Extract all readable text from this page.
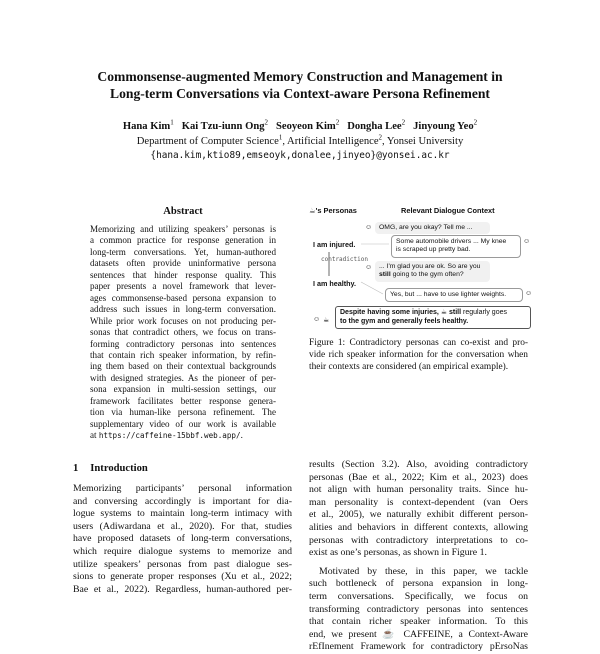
Commonsense-augmented Memory Construction and Management in
Long-term Conversations via Context-aware Persona Refinement
Hana Kim$^1$ Kai Tzu-iunn Ong$^2$ Seoyeon Kim$^2$ Dongha Lee$^2$ Jinyoung Yeo$^2$
Department of Computer Science$^1$, Artificial Intelligence$^2$, Yonsei University
{hana.kim,ktio89,emseoyk,donalee,jinyeo}@yonsei.ac.kr
Abstract
Memorizing and utilizing speakers’ personas is
a common practice for response generation in
long-term conversations. Yet, human-authored
datasets often provide uninformative persona
sentences that hinder response quality. This
paper presents a novel framework that lever-
ages commonsense-based persona expansion to
address such issues in long-term conversation.
While prior work focuses on not producing per-
sonas that contradict others, we focus on trans-
forming contradictory personas into sentences
that contain rich speaker information, by refin-
ing them based on their contextual backgrounds
with designed strategies. As the pioneer of per-
sona expansion in multi-session settings, our
framework facilitates better response genera-
tion via human-like persona refinement. The
supplementary video of our work is available
at https://caffeine-15bbf.web.app/.
1 Introduction
Memorizing participants’ personal information
and conversing accordingly is important for dia-
logue systems to maintain long-term intimacy with
users (Adiwardana et al., 2020). For that, studies
have proposed datasets of long-term conversations,
which require dialogue systems to memorize and
utilize speakers’ personas from past dialogue ses-
sions to generate proper responses (Xu et al., 2022;
Bae et al., 2022). Regardless, human-authored per-
results (Section 3.2). Also, avoiding contradictory
personas (Bae et al., 2022; Kim et al., 2023) does
not align with human personality traits. Since hu-
man personality is context-dependent (van Oers
et al., 2005), we naturally exhibit different person-
alities and behaviors in different contexts, allowing
personas with contradictory interpretations to co-
exist as one’s personas, as shown in Figure 1.
Motivated by these, in this paper, we tackle
such bottleneck of persona expansion in long-
term conversations. Specifically, we focus on
transforming contradictory personas into sentences
that contain richer speaker information. To this
end, we present ☕ CAFFEINE, a Context-Aware
rEfInement Framework for contradictory pErsoNas
☕'s Personas	Relevant Dialogue Context
☺	OMG, are you okay? Tell me ...
Some automobile drivers ... My knee
is scraped up pretty bad.
☺
I am injured.
contradiction
I am healthy.
☺ ... I'm glad you are ok. So are you
still going to the gym often?
Yes, but ... have to use lighter weights.	☺
☺ ☕
Despite having some injuries, ☕ still regularly goes
to the gym and generally feels healthy.
Figure 1: Contradictory personas can co-exist and pro-
vide rich speaker information for the conversation when
their contexts are considered (an empirical example).
